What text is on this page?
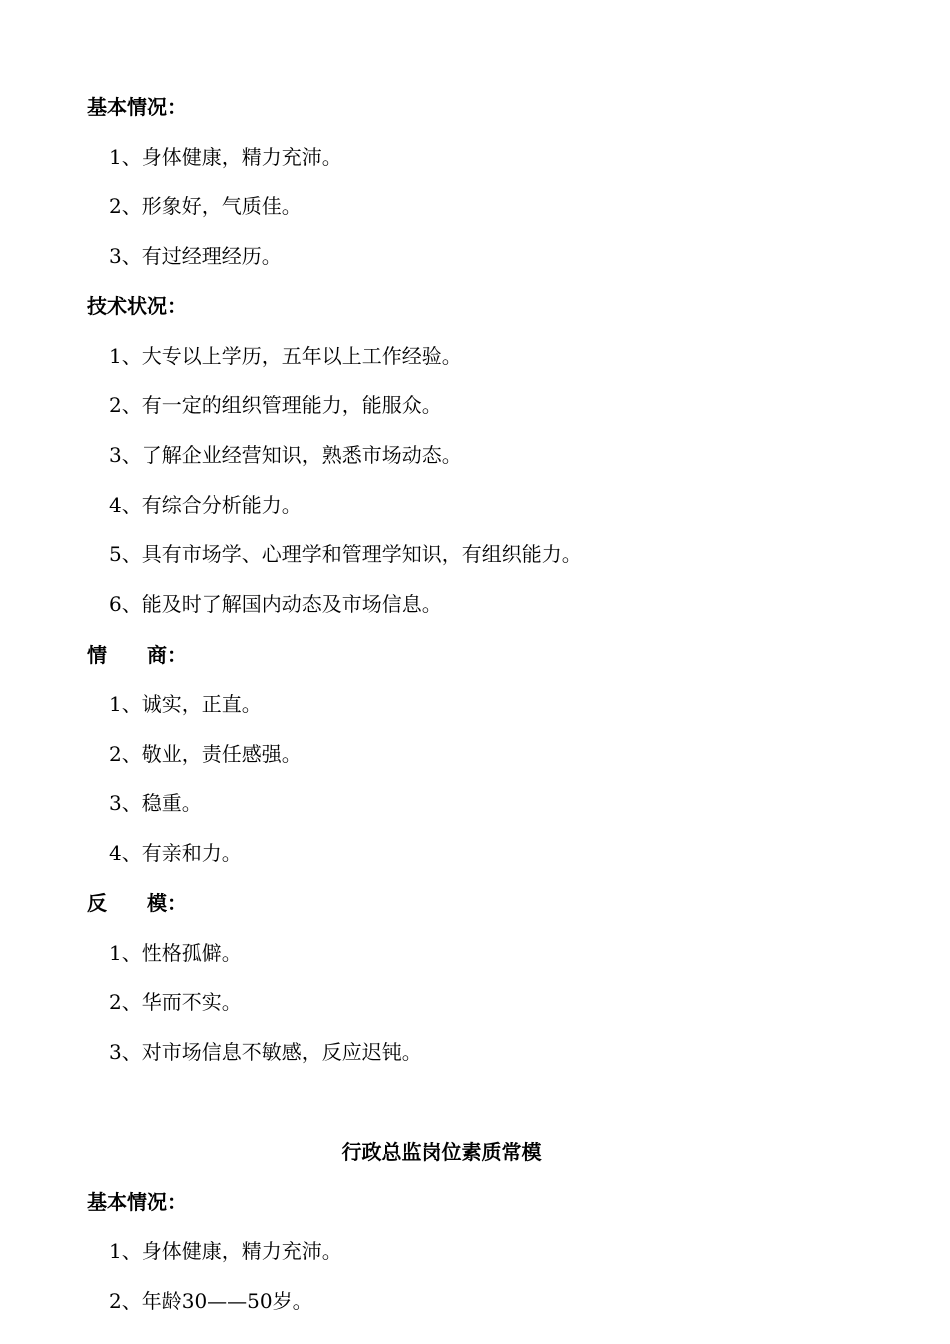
基本情况：
1、身体健康，精力充沛。
2、形象好，气质佳。
3、有过经理经历。
技术状况：
1、大专以上学历，五年以上工作经验。
2、有一定的组织管理能力，能服众。
3、了解企业经营知识，熟悉市场动态。
4、有综合分析能力。
5、具有市场学、心理学和管理学知识，有组织能力。
6、能及时了解国内动态及市场信息。
情　　商：
1、诚实，正直。
2、敬业，责任感强。
3、稳重。
4、有亲和力。
反　　模：
1、性格孤僻。
2、华而不实。
3、对市场信息不敏感，反应迟钝。
行政总监岗位素质常模
基本情况：
1、身体健康，精力充沛。
2、年龄30——50岁。
